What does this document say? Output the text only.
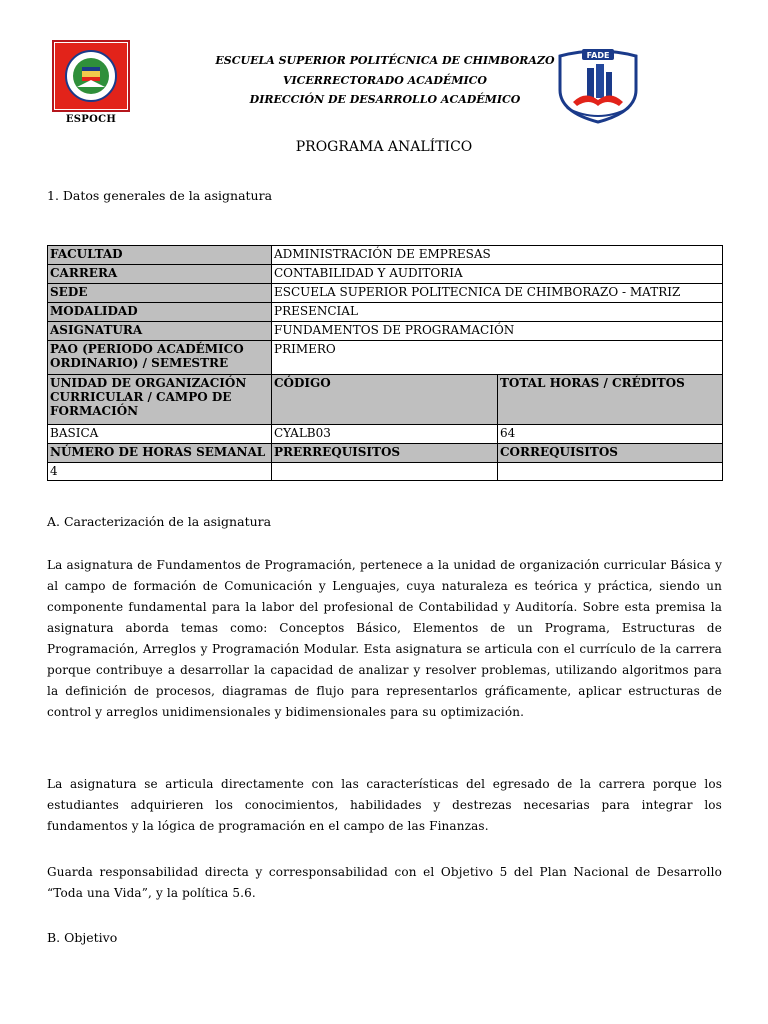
ESPOCH
ESCUELA SUPERIOR POLITÉCNICA DE CHIMBORAZO
VICERRECTORADO ACADÉMICO
DIRECCIÓN DE DESARROLLO ACADÉMICO
FADE
PROGRAMA ANALÍTICO
1. Datos generales de la asignatura
FACULTAD	ADMINISTRACIÓN DE EMPRESAS	
CARRERA	CONTABILIDAD Y AUDITORIA	
SEDE	ESCUELA SUPERIOR POLITECNICA DE CHIMBORAZO - MATRIZ	
MODALIDAD	PRESENCIAL	
ASIGNATURA	FUNDAMENTOS DE PROGRAMACIÓN	
PAO (PERIODO ACADÉMICO ORDINARIO) / SEMESTRE	PRIMERO	
UNIDAD DE ORGANIZACIÓN CURRICULAR / CAMPO DE FORMACIÓN	CÓDIGO	TOTAL HORAS / CRÉDITOS
BASICA	CYALB03	64
NÚMERO DE HORAS SEMANAL	PRERREQUISITOS	CORREQUISITOS
4		
A. Caracterización de la asignatura
La asignatura de Fundamentos de Programación, pertenece a la unidad de organización curricular Básica y al campo de formación de Comunicación y Lenguajes, cuya naturaleza es teórica y práctica, siendo un componente fundamental para la labor del profesional de Contabilidad y Auditoría. Sobre esta premisa la asignatura aborda temas como: Conceptos Básico, Elementos de un Programa, Estructuras de Programación, Arreglos y Programación Modular. Esta asignatura se articula con el currículo de la carrera porque contribuye a desarrollar la capacidad de analizar y resolver problemas, utilizando algoritmos para la definición de procesos, diagramas de flujo para representarlos gráficamente, aplicar estructuras de control y arreglos unidimensionales y bidimensionales para su optimización.
La asignatura se articula directamente con las características del egresado de la carrera porque los estudiantes adquirieren los conocimientos, habilidades y destrezas necesarias para integrar los fundamentos y la lógica de programación en el campo de las Finanzas.
Guarda responsabilidad directa y corresponsabilidad con el Objetivo 5 del Plan Nacional de Desarrollo “Toda una Vida”, y la política 5.6.
B. Objetivo
